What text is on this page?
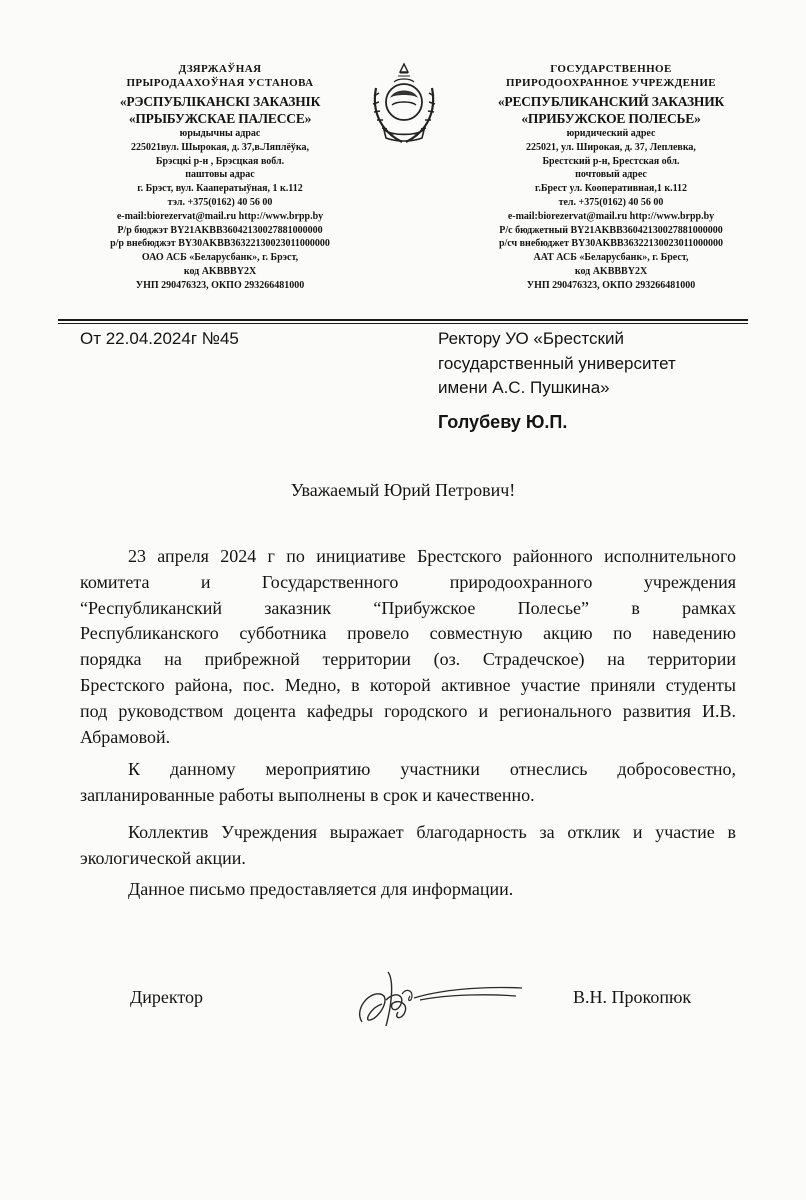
ДЗЯРЖАЎНАЯ
ПРЫРОДААХОЎНАЯ УСТАНОВА
«РЭСПУБЛІКАНСКІ ЗАКАЗНІК
«ПРЫБУЖСКАЕ ПАЛЕССЕ»
юрыдычны адрас
225021вул. Шырокая, д. 37,в.Ляплёўка,
Брэсцкі р-н , Брэсцкая вобл.
паштовы адрас
г. Брэст, вул. Кааператыўная, 1 к.112
тэл. +375(0162) 40 56 00
e-mail:biorezervat@mail.ru http://www.brpp.by
Р/р бюджэт BY21AKBB36042130027881000000
р/р внебюджэт BY30AKBB36322130023011000000
ОАО АСБ «Беларусбанк», г. Брэст,
код AKBBBY2X
УНП 290476323, ОКПО 293266481000
ГОСУДАРСТВЕННОЕ
ПРИРОДООХРАННОЕ УЧРЕЖДЕНИЕ
«РЕСПУБЛИКАНСКИЙ ЗАКАЗНИК
«ПРИБУЖСКОЕ ПОЛЕСЬЕ»
юридический адрес
225021, ул. Широкая, д. 37, Леплевка,
Брестский р-н, Брестская обл.
почтовый адрес
г.Брест ул. Кооперативная,1 к.112
тел. +375(0162) 40 56 00
e-mail:biorezervat@mail.ru http://www.brpp.by
Р/с бюджетный BY21AKBB36042130027881000000
р/сч внебюджет BY30AKBB36322130023011000000
ААТ АСБ «Беларусбанк», г. Брест,
код AKBBBY2X
УНП 290476323, ОКПО 293266481000
От 22.04.2024г №45	Ректору УО «Брестский
государственный университет
имени А.С. Пушкина»
Голубеву Ю.П.
Уважаемый Юрий Петрович!

23 апреля 2024 г по инициативе Брестского районного исполнительного
комитета и Государственного природоохранного учреждения
“Республиканский заказник “Прибужское Полесье” в рамках
Республиканского субботника провело совместную акцию по наведению
порядка на прибрежной территории (оз. Страдечское) на территории
Брестского района, пос. Медно, в которой активное участие приняли студенты
под руководством доцента кафедры городского и регионального развития И.В.
Абрамовой.

К данному мероприятию участники отнеслись добросовестно,
запланированные работы выполнены в срок и качественно.

Коллектив Учреждения выражает благодарность за отклик и участие в
экологической акции.

Данное письмо предоставляется для информации.

Директор	В.Н. Прокопюк
